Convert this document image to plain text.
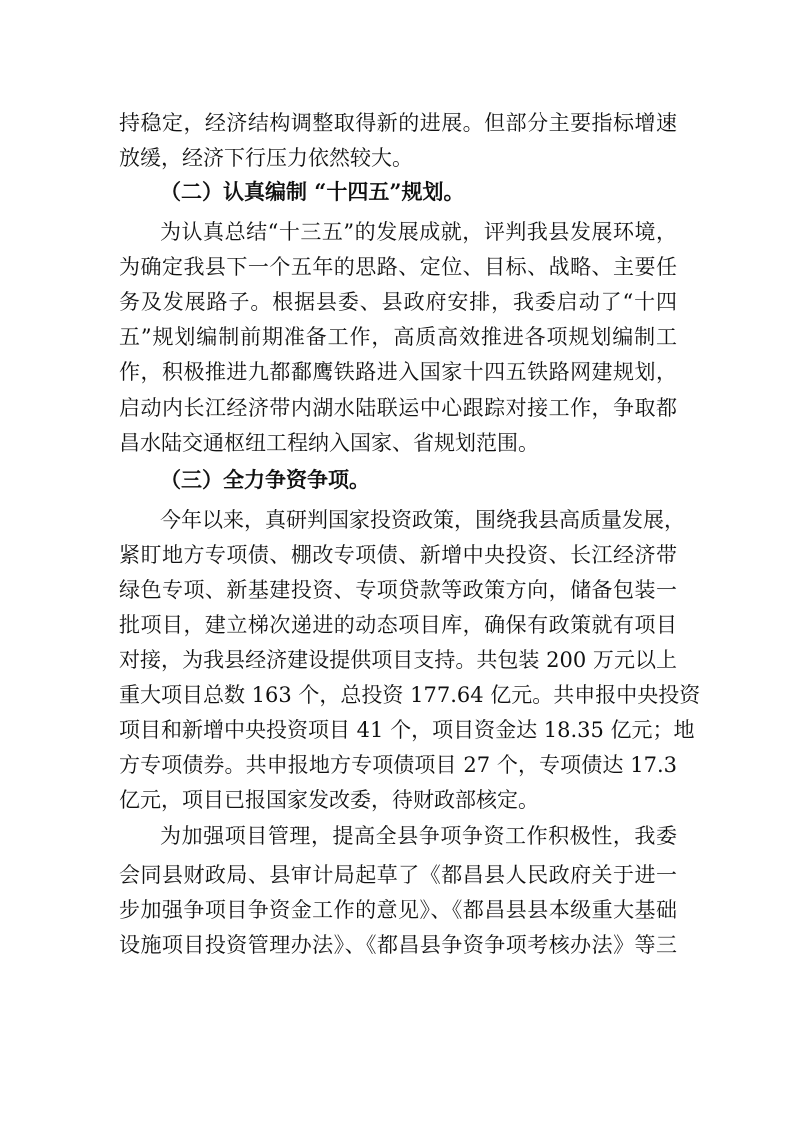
持稳定，经济结构调整取得新的进展。但部分主要指标增速
放缓，经济下行压力依然较大。
（二）认真编制 “十四五”规划。
为认真总结“十三五”的发展成就，评判我县发展环境，
为确定我县下一个五年的思路、定位、目标、战略、主要任
务及发展路子。根据县委、县政府安排，我委启动了“十四
五”规划编制前期准备工作，高质高效推进各项规划编制工
作，积极推进九都鄱鹰铁路进入国家十四五铁路网建规划，
启动内长江经济带内湖水陆联运中心跟踪对接工作，争取都
昌水陆交通枢纽工程纳入国家、省规划范围。
（三）全力争资争项。
今年以来，真研判国家投资政策，围绕我县高质量发展，
紧盯地方专项债、棚改专项债、新增中央投资、长江经济带
绿色专项、新基建投资、专项贷款等政策方向，储备包装一
批项目，建立梯次递进的动态项目库，确保有政策就有项目
对接，为我县经济建设提供项目支持。共包装 200 万元以上
重大项目总数 163 个，总投资 177.64 亿元。共申报中央投资
项目和新增中央投资项目 41 个，项目资金达 18.35 亿元；地
方专项债券。共申报地方专项债项目 27 个，专项债达 17.3
亿元，项目已报国家发改委，待财政部核定。
为加强项目管理，提高全县争项争资工作积极性，我委
会同县财政局、县审计局起草了《都昌县人民政府关于进一
步加强争项目争资金工作的意见》、《都昌县县本级重大基础
设施项目投资管理办法》、《都昌县争资争项考核办法》等三
